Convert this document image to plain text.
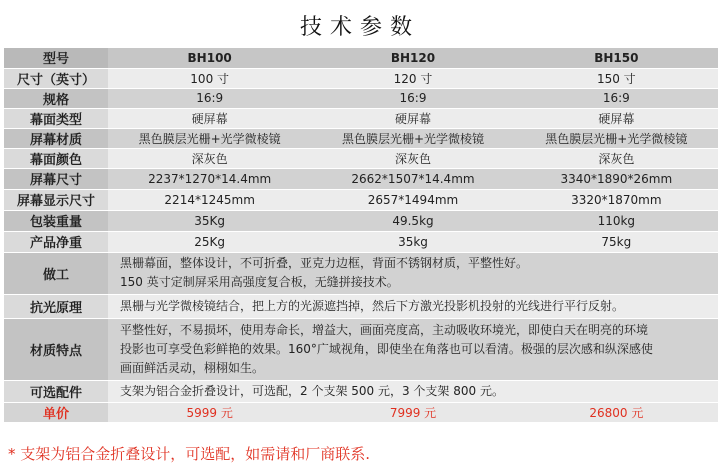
技术参数
型号	BH100	BH120	BH150
尺寸（英寸）	100 寸	120 寸	150 寸
规格	16:9	16:9	16:9
幕面类型	硬屏幕	硬屏幕	硬屏幕
屏幕材质	黑色膜层光栅+光学微棱镜	黑色膜层光栅+光学微棱镜	黑色膜层光栅+光学微棱镜
幕面颜色	深灰色	深灰色	深灰色
屏幕尺寸	2237*1270*14.4mm	2662*1507*14.4mm	3340*1890*26mm
屏幕显示尺寸	2214*1245mm	2657*1494mm	3320*1870mm
包装重量	35Kg	49.5kg	110kg
产品净重	25Kg	35kg	75kg
做工	黑栅幕面，整体设计，不可折叠，亚克力边框，背面不锈钢材质，平整性好。
150 英寸定制屏采用高强度复合板，无缝拼接技术。		

抗光原理	黑栅与光学微棱镜结合，把上方的光源遮挡掉，然后下方激光投影机投射的光线进行平行反射。		
材质特点	平整性好，不易损坏，使用寿命长，增益大，画面亮度高，主动吸收环境光，即使白天在明亮的环境
投影也可享受色彩鲜艳的效果。160°广域视角，即使坐在角落也可以看清。极强的层次感和纵深感使
画面鲜活灵动，栩栩如生。		

可选配件	支架为铝合金折叠设计，可选配，2 个支架 500 元，3 个支架 800 元。		
单价	5999 元	7999 元	26800 元
* 支架为铝合金折叠设计，可选配，如需请和厂商联系.
